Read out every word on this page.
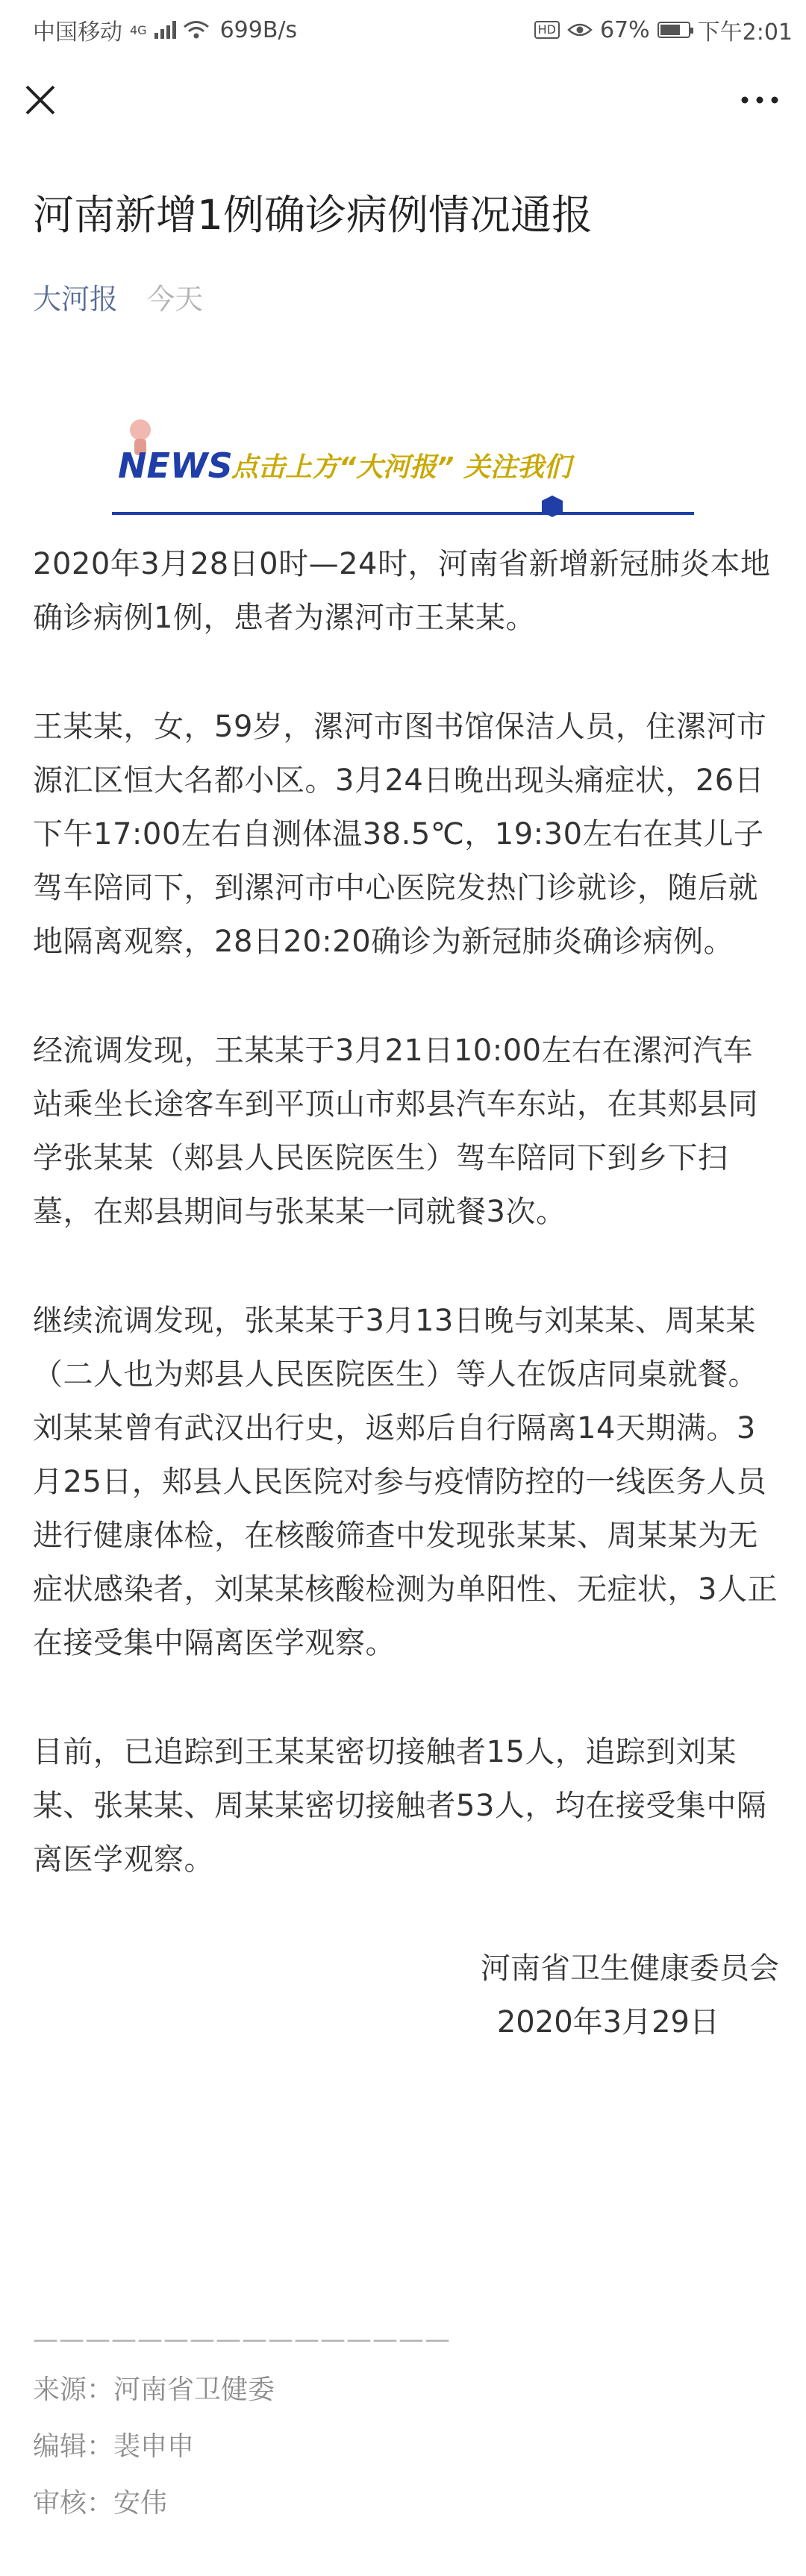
中国移动 4G	699B/s	HD 67% 下午2:01
河南新增1例确诊病例情况通报
大河报 今天
NEWS
点击上方“大河报” 关注我们

2020年3月28日0时—24时，河南省新增新冠肺炎本地确诊病例1例，患者为漯河市王某某。

王某某，女，59岁，漯河市图书馆保洁人员，住漯河市源汇区恒大名都小区。3月24日晚出现头痛症状，26日下午17:00左右自测体温38.5℃，19:30左右在其儿子驾车陪同下，到漯河市中心医院发热门诊就诊，随后就地隔离观察，28日20:20确诊为新冠肺炎确诊病例。

经流调发现，王某某于3月21日10:00左右在漯河汽车站乘坐长途客车到平顶山市郏县汽车东站，在其郏县同学张某某（郏县人民医院医生）驾车陪同下到乡下扫墓，在郏县期间与张某某一同就餐3次。

继续流调发现，张某某于3月13日晚与刘某某、周某某（二人也为郏县人民医院医生）等人在饭店同桌就餐。刘某某曾有武汉出行史，返郏后自行隔离14天期满。3月25日，郏县人民医院对参与疫情防控的一线医务人员进行健康体检，在核酸筛查中发现张某某、周某某为无症状感染者，刘某某核酸检测为单阳性、无症状，3人正在接受集中隔离医学观察。

目前，已追踪到王某某密切接触者15人，追踪到刘某某、张某某、周某某密切接触者53人，均在接受集中隔离医学观察。

河南省卫生健康委员会
2020年3月29日
————————————————
来源：河南省卫健委
编辑：裴申申
审核：安伟
